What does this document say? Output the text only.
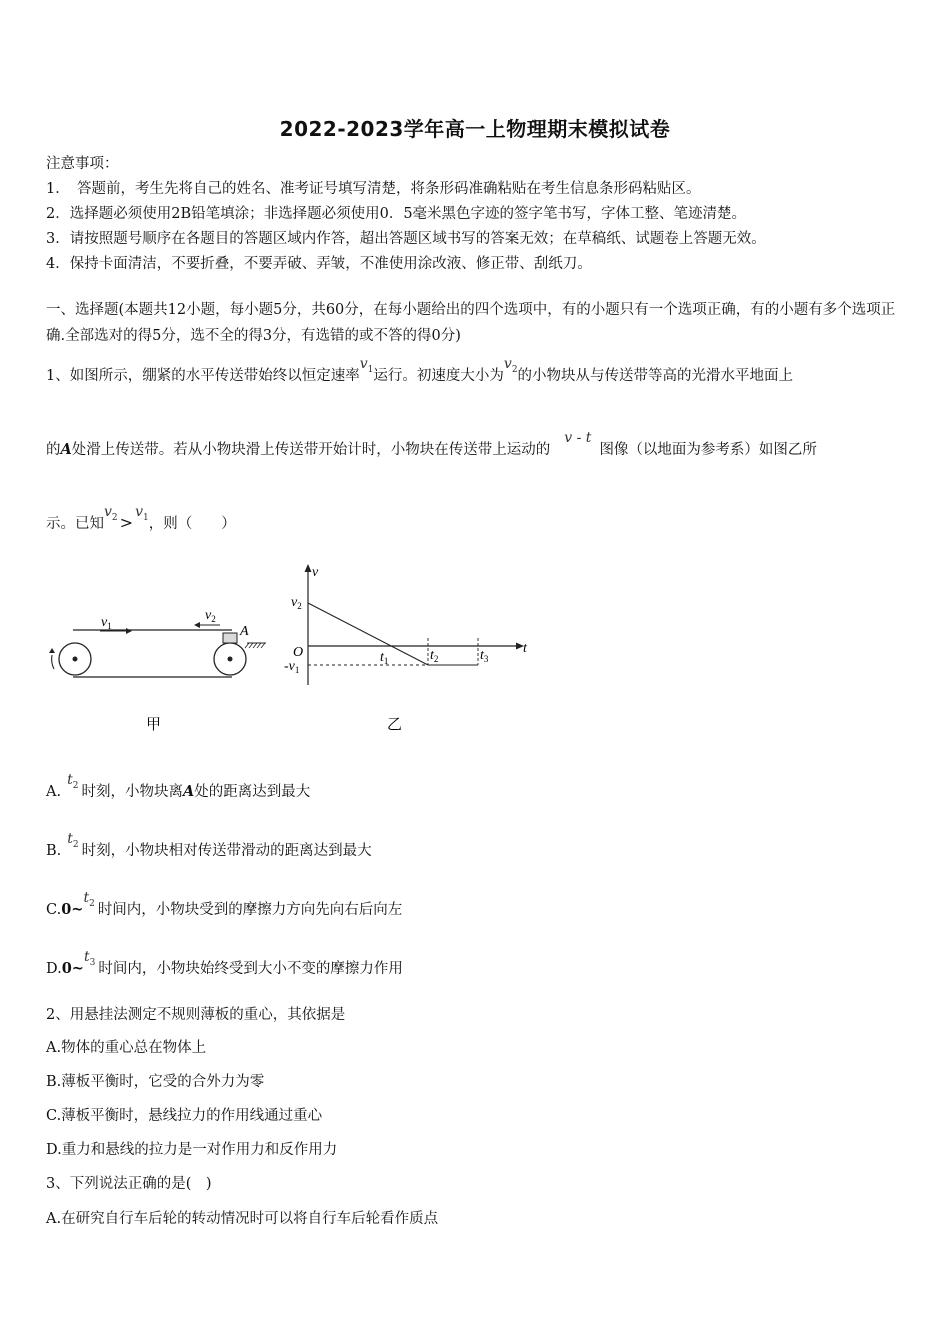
2022-2023学年高一上物理期末模拟试卷
注意事项：
1．　答题前，考生先将自己的姓名、准考证号填写清楚，将条形码准确粘贴在考生信息条形码粘贴区。
2．选择题必须使用2B铅笔填涂；非选择题必须使用0．5毫米黑色字迹的签字笔书写，字体工整、笔迹清楚。
3．请按照题号顺序在各题目的答题区域内作答，超出答题区域书写的答案无效；在草稿纸、试题卷上答题无效。
4．保持卡面清洁，不要折叠，不要弄破、弄皱，不准使用涂改液、修正带、刮纸刀。
一、选择题(本题共12小题，每小题5分，共60分，在每小题给出的四个选项中，有的小题只有一个选项正确，有的小题有多个选项正确.全部选对的得5分，选不全的得3分，有选错的或不答的得0分)
1、如图所示，绷紧的水平传送带始终以恒定速率$v_1$运行。初速度大小为$v_2$的小物块从与传送带等高的光滑水平地面上
的A处滑上传送带。若从小物块滑上传送带开始计时，小物块在传送带上运动的v - t图像（以地面为参考系）如图乙所
示。已知$v_2 >v_1$，则（　　）
A
$v_1$
$v_2$
甲
v
t
O
$v_2$
$-v_1$
$t_1$	$t_2$	$t_3$
乙
$A.t_2$ 时刻，小物块离A处的距离达到最大
$B.t_2$ 时刻，小物块相对传送带滑动的距离达到最大
$C.0\sim t_2$ 时间内，小物块受到的摩擦力方向先向右后向左
$D.0\sim t_3$ 时间内，小物块始终受到大小不变的摩擦力作用
2、用悬挂法测定不规则薄板的重心，其依据是
A.物体的重心总在物体上
B.薄板平衡时，它受的合外力为零
C.薄板平衡时，悬线拉力的作用线通过重心
D.重力和悬线的拉力是一对作用力和反作用力
3、下列说法正确的是(　)
A.在研究自行车后轮的转动情况时可以将自行车后轮看作质点
